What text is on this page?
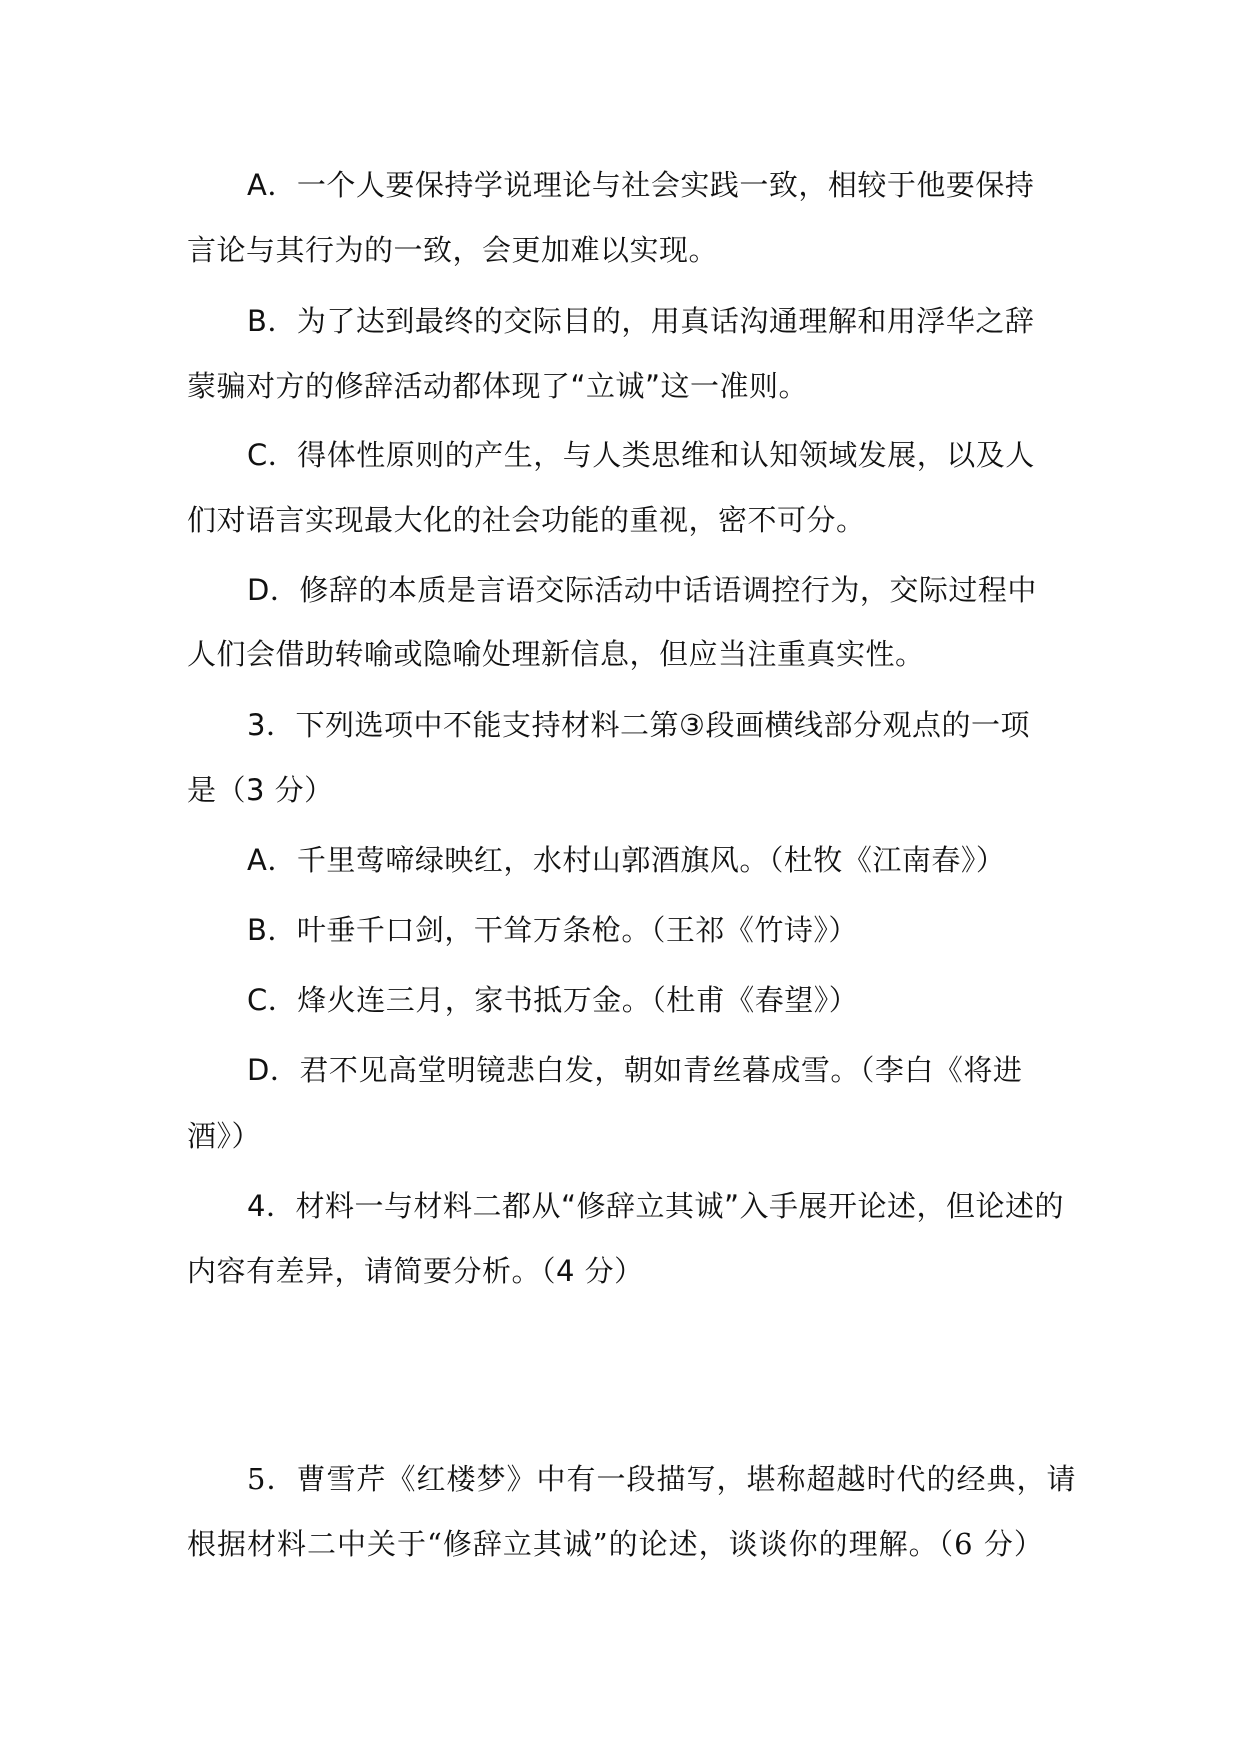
A．一个人要保持学说理论与社会实践一致，相较于他要保持
言论与其行为的一致，会更加难以实现。
B．为了达到最终的交际目的，用真话沟通理解和用浮华之辞
蒙骗对方的修辞活动都体现了“立诚”这一准则。
C．得体性原则的产生，与人类思维和认知领域发展，以及人
们对语言实现最大化的社会功能的重视，密不可分。
D．修辞的本质是言语交际活动中话语调控行为，交际过程中
人们会借助转喻或隐喻处理新信息，但应当注重真实性。
3．下列选项中不能支持材料二第③段画横线部分观点的一项
是（3 分）
A．千里莺啼绿映红，水村山郭酒旗风。（杜牧《江南春》）
B．叶垂千口剑，干耸万条枪。（王祁《竹诗》）
C．烽火连三月，家书抵万金。（杜甫《春望》）
D．君不见高堂明镜悲白发，朝如青丝暮成雪。（李白《将进
酒》）
4．材料一与材料二都从“修辞立其诚”入手展开论述，但论述的
内容有差异，请简要分析。（4 分）
5．曹雪芹《红楼梦》中有一段描写，堪称超越时代的经典，请
根据材料二中关于“修辞立其诚”的论述，谈谈你的理解。（6 分）
